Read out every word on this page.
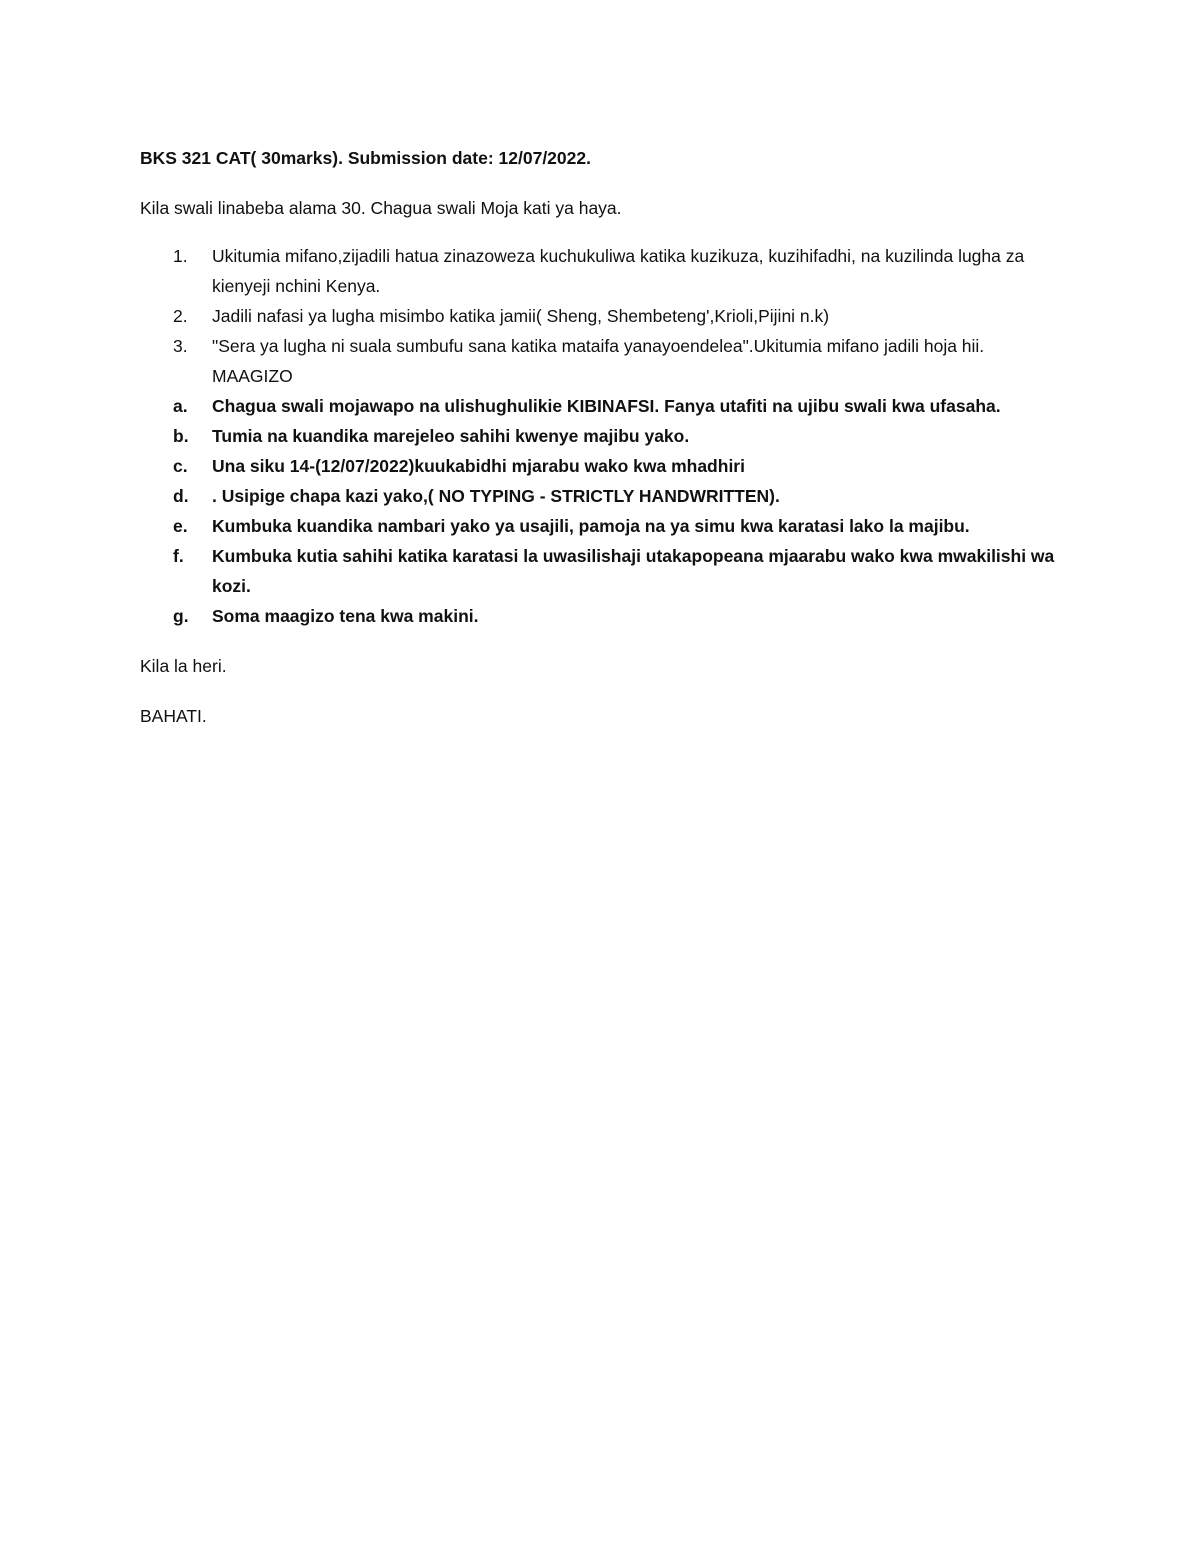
BKS 321 CAT( 30marks). Submission date: 12/07/2022.

Kila swali linabeba alama 30. Chagua swali Moja kati ya haya.

1.	Ukitumia mifano,zijadili hatua zinazoweza kuchukuliwa katika kuzikuza, kuzihifadhi, na kuzilinda lugha za kienyeji nchini Kenya.
2.	Jadili nafasi ya lugha misimbo katika jamii( Sheng, Shembeteng',Krioli,Pijini n.k)
3.	"Sera ya lugha ni suala sumbufu sana katika mataifa yanayoendelea".Ukitumia mifano jadili hoja hii.
MAAGIZO
a.	Chagua swali mojawapo na ulishughulikie KIBINAFSI. Fanya utafiti na ujibu swali kwa ufasaha.
b.	Tumia na kuandika marejeleo sahihi kwenye majibu yako.
c.	Una siku 14-(12/07/2022)kuukabidhi mjarabu wako kwa mhadhiri
d.	. Usipige chapa kazi yako,( NO TYPING - STRICTLY HANDWRITTEN).
e.	Kumbuka kuandika nambari yako ya usajili, pamoja na ya simu kwa karatasi lako la majibu.
f.	Kumbuka kutia sahihi katika karatasi la uwasilishaji utakapopeana mjaarabu wako kwa mwakilishi wa kozi.
g.	Soma maagizo tena kwa makini.

Kila la heri.

BAHATI.
